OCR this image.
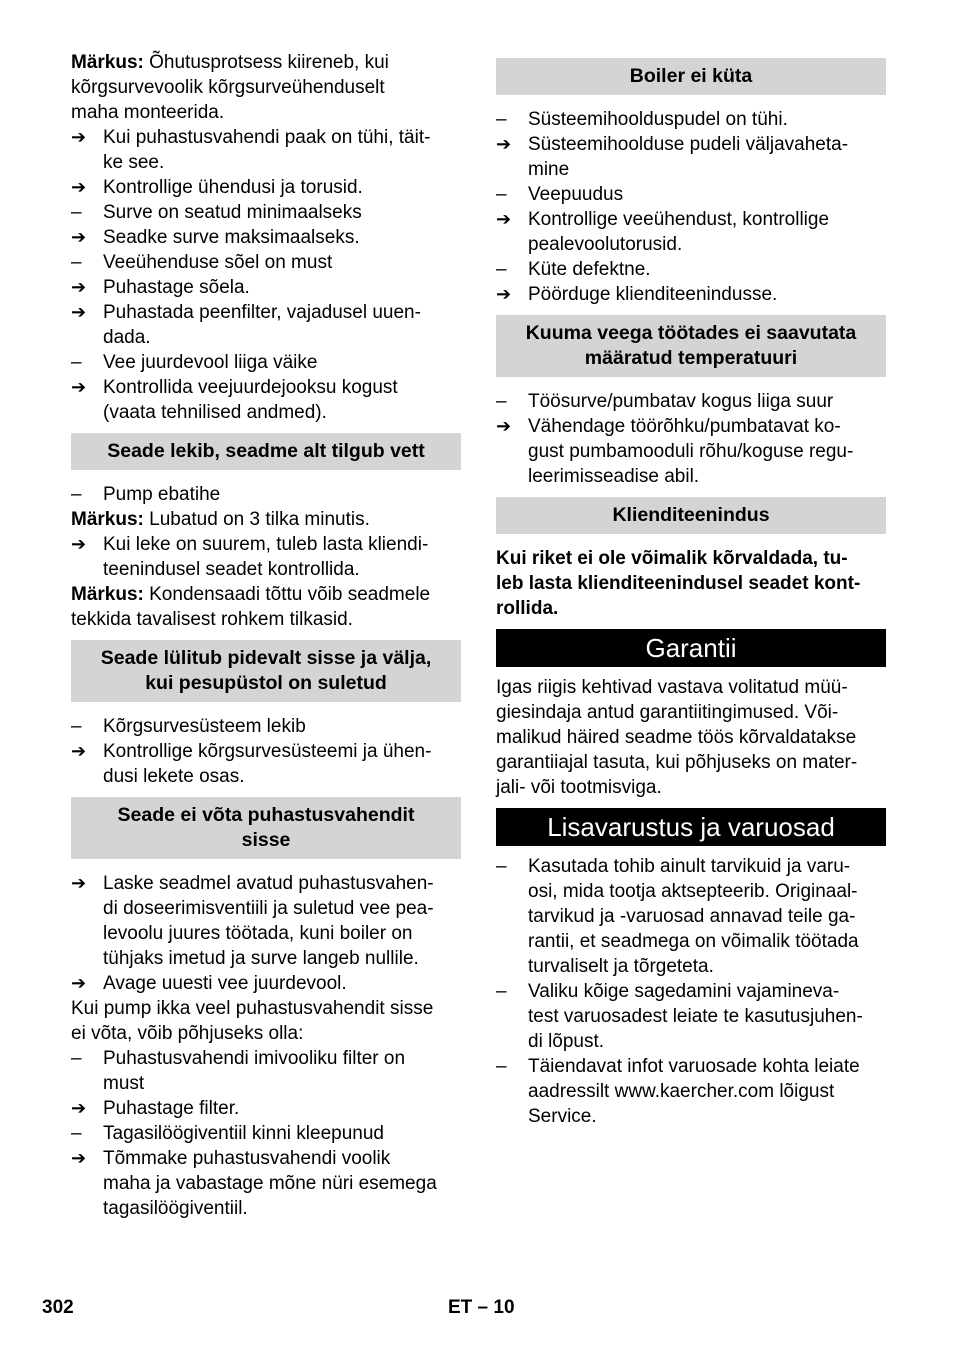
Märkus: Õhutusprotsess kiireneb, kui

kõrgsurvevoolik kõrgsurveühenduselt

maha monteerida.

➔ Kui puhastusvahendi paak on tühi, täit-
ke see.
➔ Kontrollige ühendusi ja torusid.
–	Surve on seatud minimaalseks
➔ Seadke surve maksimaalseks.
–	Veeühenduse sõel on must
➔ Puhastage sõela.
➔ Puhastada peenfilter, vajadusel uuen-
dada.
–	Vee juurdevool liiga väike
➔ Kontrollida veejuurdejooksu kogust
(vaata tehnilised andmed).
Seade lekib, seadme alt tilgub vett
–	Pump ebatihe

Märkus: Lubatud on 3 tilka minutis.

➔ Kui leke on suurem, tuleb lasta kliendi-
teenindusel seadet kontrollida.

Märkus: Kondensaadi tõttu võib seadmele

tekkida tavalisest rohkem tilkasid.

Seade lülitub pidevalt sisse ja välja,
kui pesupüstol on suletud
–	Kõrgsurvesüsteem lekib
➔ Kontrollige kõrgsurvesüsteemi ja ühen-
dusi lekete osas.
Seade ei võta puhastusvahendit
sisse
➔ Laske seadmel avatud puhastusvahen-
di doseerimisventiili ja suletud vee pea-
levoolu juures töötada, kuni boiler on
tühjaks imetud ja surve langeb nullile.
➔ Avage uuesti vee juurdevool.

Kui pump ikka veel puhastusvahendit sisse

ei võta, võib põhjuseks olla:

–	Puhastusvahendi imivooliku filter on
must
➔ Puhastage filter.
–	Tagasilöögiventiil kinni kleepunud
➔ Tõmmake puhastusvahendi voolik
maha ja vabastage mõne nüri esemega
tagasilöögiventiil.
Boiler ei küta
–	Süsteemihoolduspudel on tühi.
➔ Süsteemihoolduse pudeli väljavaheta-
mine
–	Veepuudus
➔ Kontrollige veeühendust, kontrollige
pealevoolutorusid.
–	Küte defektne.
➔ Pöörduge klienditeenindusse.
Kuuma veega töötades ei saavutata
määratud temperatuuri
–	Töösurve/pumbatav kogus liiga suur
➔ Vähendage töörõhku/pumbatavat ko-
gust pumbamooduli rõhu/koguse regu-
leerimisseadise abil.
Klienditeenindus

Kui riket ei ole võimalik kõrvaldada, tu-

leb lasta klienditeenindusel seadet kont-

rollida.

Garantii

Igas riigis kehtivad vastava volitatud müü-

giesindaja antud garantiitingimused. Või-

malikud häired seadme töös kõrvaldatakse

garantiiajal tasuta, kui põhjuseks on mater-

jali- või tootmisviga.

Lisavarustus ja varuosad
–	Kasutada tohib ainult tarvikuid ja varu-
osi, mida tootja aktsepteerib. Originaal-
tarvikud ja -varuosad annavad teile ga-
rantii, et seadmega on võimalik töötada
turvaliselt ja tõrgeteta.
–	Valiku kõige sagedamini vajamineva-
test varuosadest leiate te kasutusjuhen-
di lõpust.
–	Täiendavat infot varuosade kohta leiate
aadressilt www.kaercher.com lõigust
Service.
302	ET – 10
